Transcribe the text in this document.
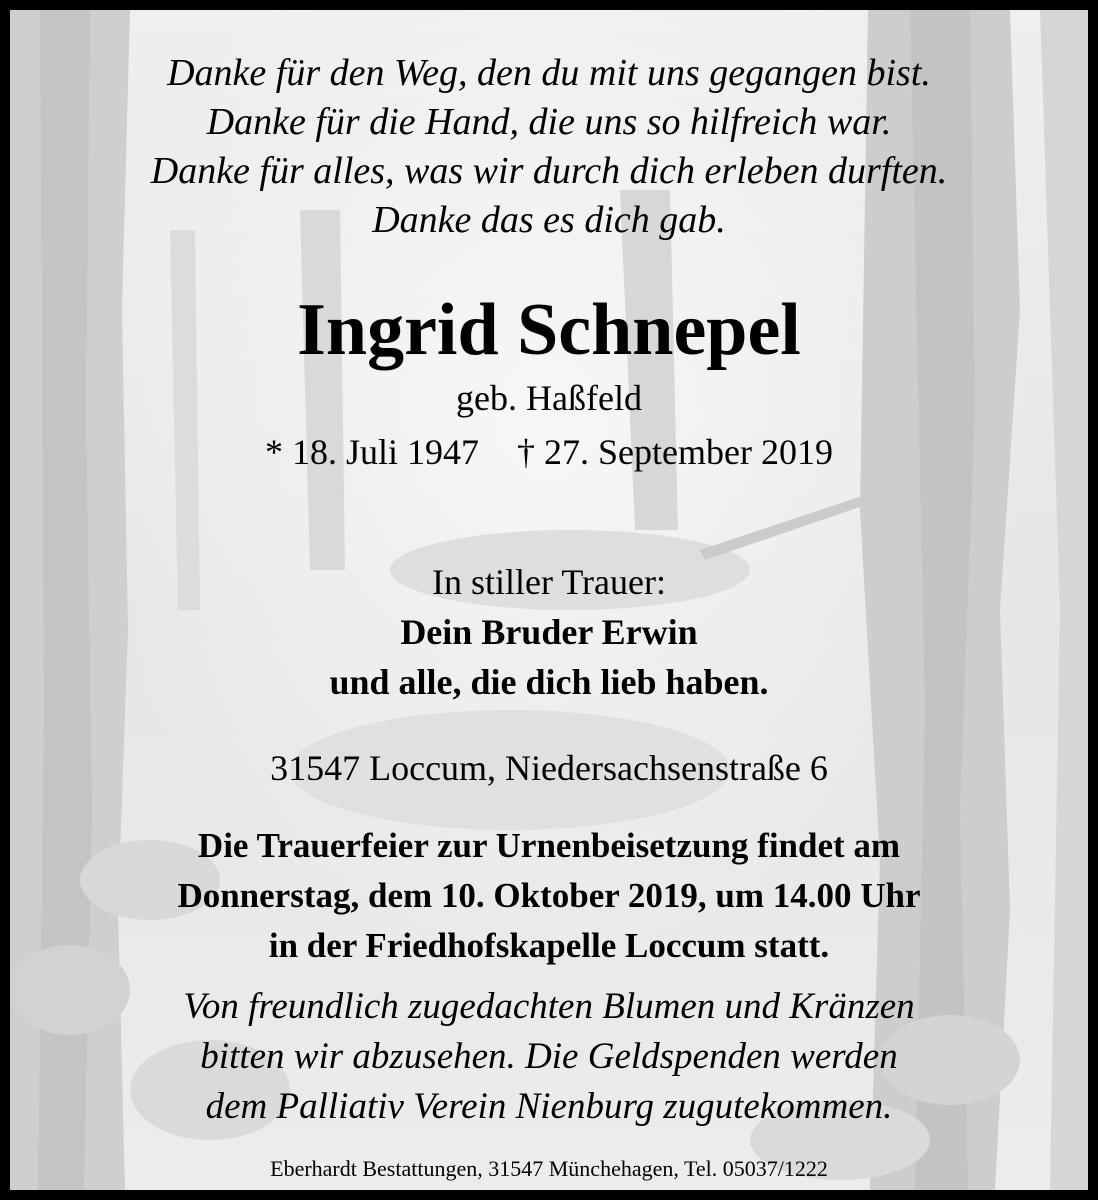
Danke für den Weg, den du mit uns gegangen bist.
Danke für die Hand, die uns so hilfreich war.
Danke für alles, was wir durch dich erleben durften.
Danke das es dich gab.
Ingrid Schnepel
geb. Haßfeld
* 18. Juli 1947 † 27. September 2019
In stiller Trauer:
Dein Bruder Erwin
und alle, die dich lieb haben.
31547 Loccum, Niedersachsenstraße 6
Die Trauerfeier zur Urnenbeisetzung findet am
Donnerstag, dem 10. Oktober 2019, um 14.00 Uhr
in der Friedhofskapelle Loccum statt.
Von freundlich zugedachten Blumen und Kränzen
bitten wir abzusehen. Die Geldspenden werden
dem Palliativ Verein Nienburg zugutekommen.
Eberhardt Bestattungen, 31547 Münchehagen, Tel. 05037/1222
